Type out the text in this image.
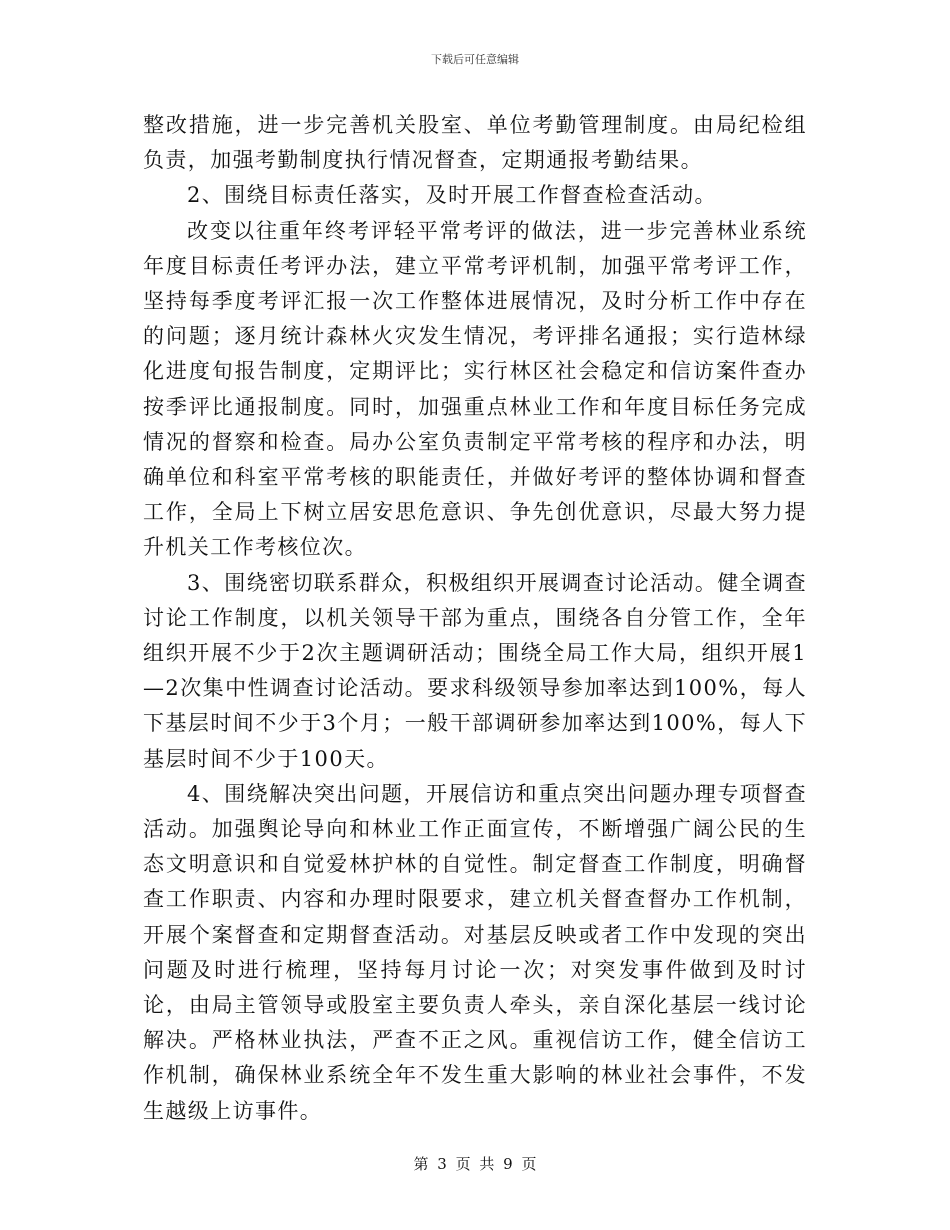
下载后可任意编辑

整改措施，进一步完善机关股室、单位考勤管理制度。由局纪检组负责，加强考勤制度执行情况督查，定期通报考勤结果。

2、围绕目标责任落实，及时开展工作督查检查活动。

改变以往重年终考评轻平常考评的做法，进一步完善林业系统年度目标责任考评办法，建立平常考评机制，加强平常考评工作，坚持每季度考评汇报一次工作整体进展情况，及时分析工作中存在的问题；逐月统计森林火灾发生情况，考评排名通报；实行造林绿化进度旬报告制度，定期评比；实行林区社会稳定和信访案件查办按季评比通报制度。同时，加强重点林业工作和年度目标任务完成情况的督察和检查。局办公室负责制定平常考核的程序和办法，明确单位和科室平常考核的职能责任，并做好考评的整体协调和督查工作，全局上下树立居安思危意识、争先创优意识，尽最大努力提升机关工作考核位次。

3、围绕密切联系群众，积极组织开展调查讨论活动。健全调查讨论工作制度，以机关领导干部为重点，围绕各自分管工作，全年组织开展不少于2次主题调研活动；围绕全局工作大局，组织开展1—2次集中性调查讨论活动。要求科级领导参加率达到100%，每人下基层时间不少于3个月；一般干部调研参加率达到100%，每人下基层时间不少于100天。

4、围绕解决突出问题，开展信访和重点突出问题办理专项督查活动。加强舆论导向和林业工作正面宣传，不断增强广阔公民的生态文明意识和自觉爱林护林的自觉性。制定督查工作制度，明确督查工作职责、内容和办理时限要求，建立机关督查督办工作机制，开展个案督查和定期督查活动。对基层反映或者工作中发现的突出问题及时进行梳理，坚持每月讨论一次；对突发事件做到及时讨论，由局主管领导或股室主要负责人牵头，亲自深化基层一线讨论解决。严格林业执法，严查不正之风。重视信访工作，健全信访工作机制，确保林业系统全年不发生重大影响的林业社会事件，不发生越级上访事件。

第 3 页 共 9 页
